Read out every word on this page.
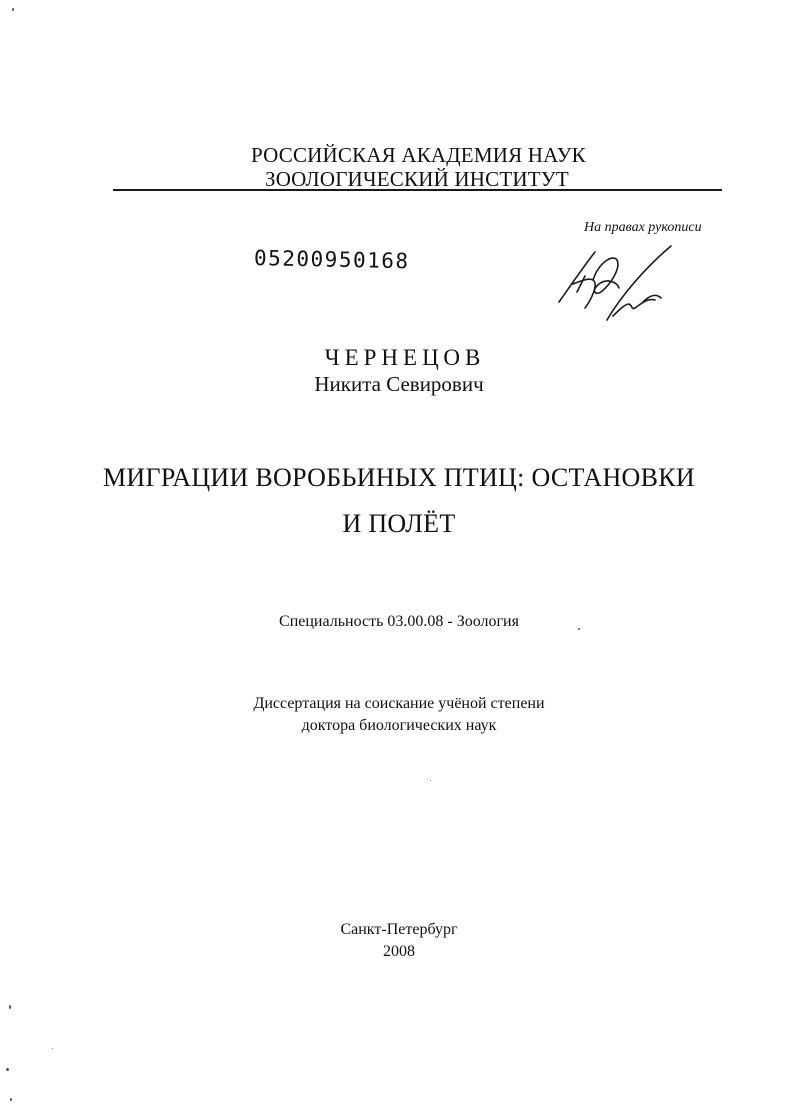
РОССИЙСКАЯ АКАДЕМИЯ НАУК
ЗООЛОГИЧЕСКИЙ ИНСТИТУТ
На правах рукописи
05200950168
ЧЕРНЕЦОВ
Никита Севирович
МИГРАЦИИ ВОРОБЬИНЫХ ПТИЦ: ОСТАНОВКИ
И ПОЛЁТ
Специальность 03.00.08 - Зоология
Диссертация на соискание учёной степени
доктора биологических наук
Санкт-Петербург
2008
